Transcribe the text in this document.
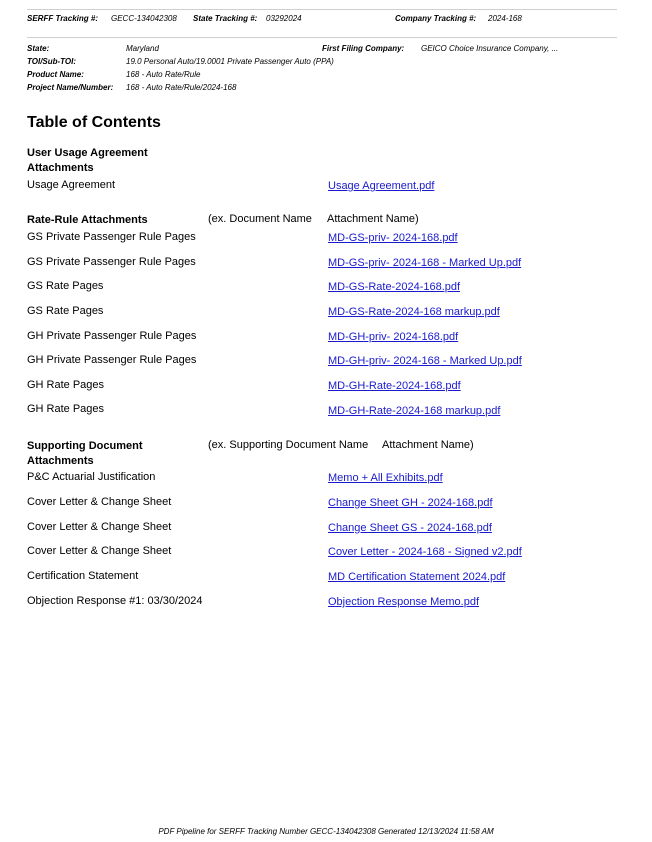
SERFF Tracking #: GECC-134042308 State Tracking #: 03292024	Company Tracking #: 2024-168
State:	Maryland	First Filing Company: GEICO Choice Insurance Company, ...
TOI/Sub-TOI:	19.0 Personal Auto/19.0001 Private Passenger Auto (PPA)
Product Name:	168 - Auto Rate/Rule
Project Name/Number: 168 - Auto Rate/Rule/2024-168
Table of Contents
User Usage Agreement Attachments
Usage Agreement	Usage Agreement.pdf
Rate-Rule Attachments	(ex. Document Name Attachment Name)
GS Private Passenger Rule Pages	MD-GS-priv- 2024-168.pdf
GS Private Passenger Rule Pages	MD-GS-priv- 2024-168 - Marked Up.pdf
GS Rate Pages	MD-GS-Rate-2024-168.pdf
GS Rate Pages	MD-GS-Rate-2024-168 markup.pdf
GH Private Passenger Rule Pages	MD-GH-priv- 2024-168.pdf
GH Private Passenger Rule Pages	MD-GH-priv- 2024-168 - Marked Up.pdf
GH Rate Pages	MD-GH-Rate-2024-168.pdf
GH Rate Pages	MD-GH-Rate-2024-168 markup.pdf
Supporting Document Attachments
(ex. Supporting Document Name Attachment Name)
P&C Actuarial Justification	Memo + All Exhibits.pdf
Cover Letter & Change Sheet	Change Sheet GH - 2024-168.pdf
Cover Letter & Change Sheet	Change Sheet GS - 2024-168.pdf
Cover Letter & Change Sheet	Cover Letter - 2024-168 - Signed v2.pdf
Certification Statement	MD Certification Statement 2024.pdf
Objection Response #1: 03/30/2024	Objection Response Memo.pdf
PDF Pipeline for SERFF Tracking Number GECC-134042308 Generated 12/13/2024 11:58 AM
